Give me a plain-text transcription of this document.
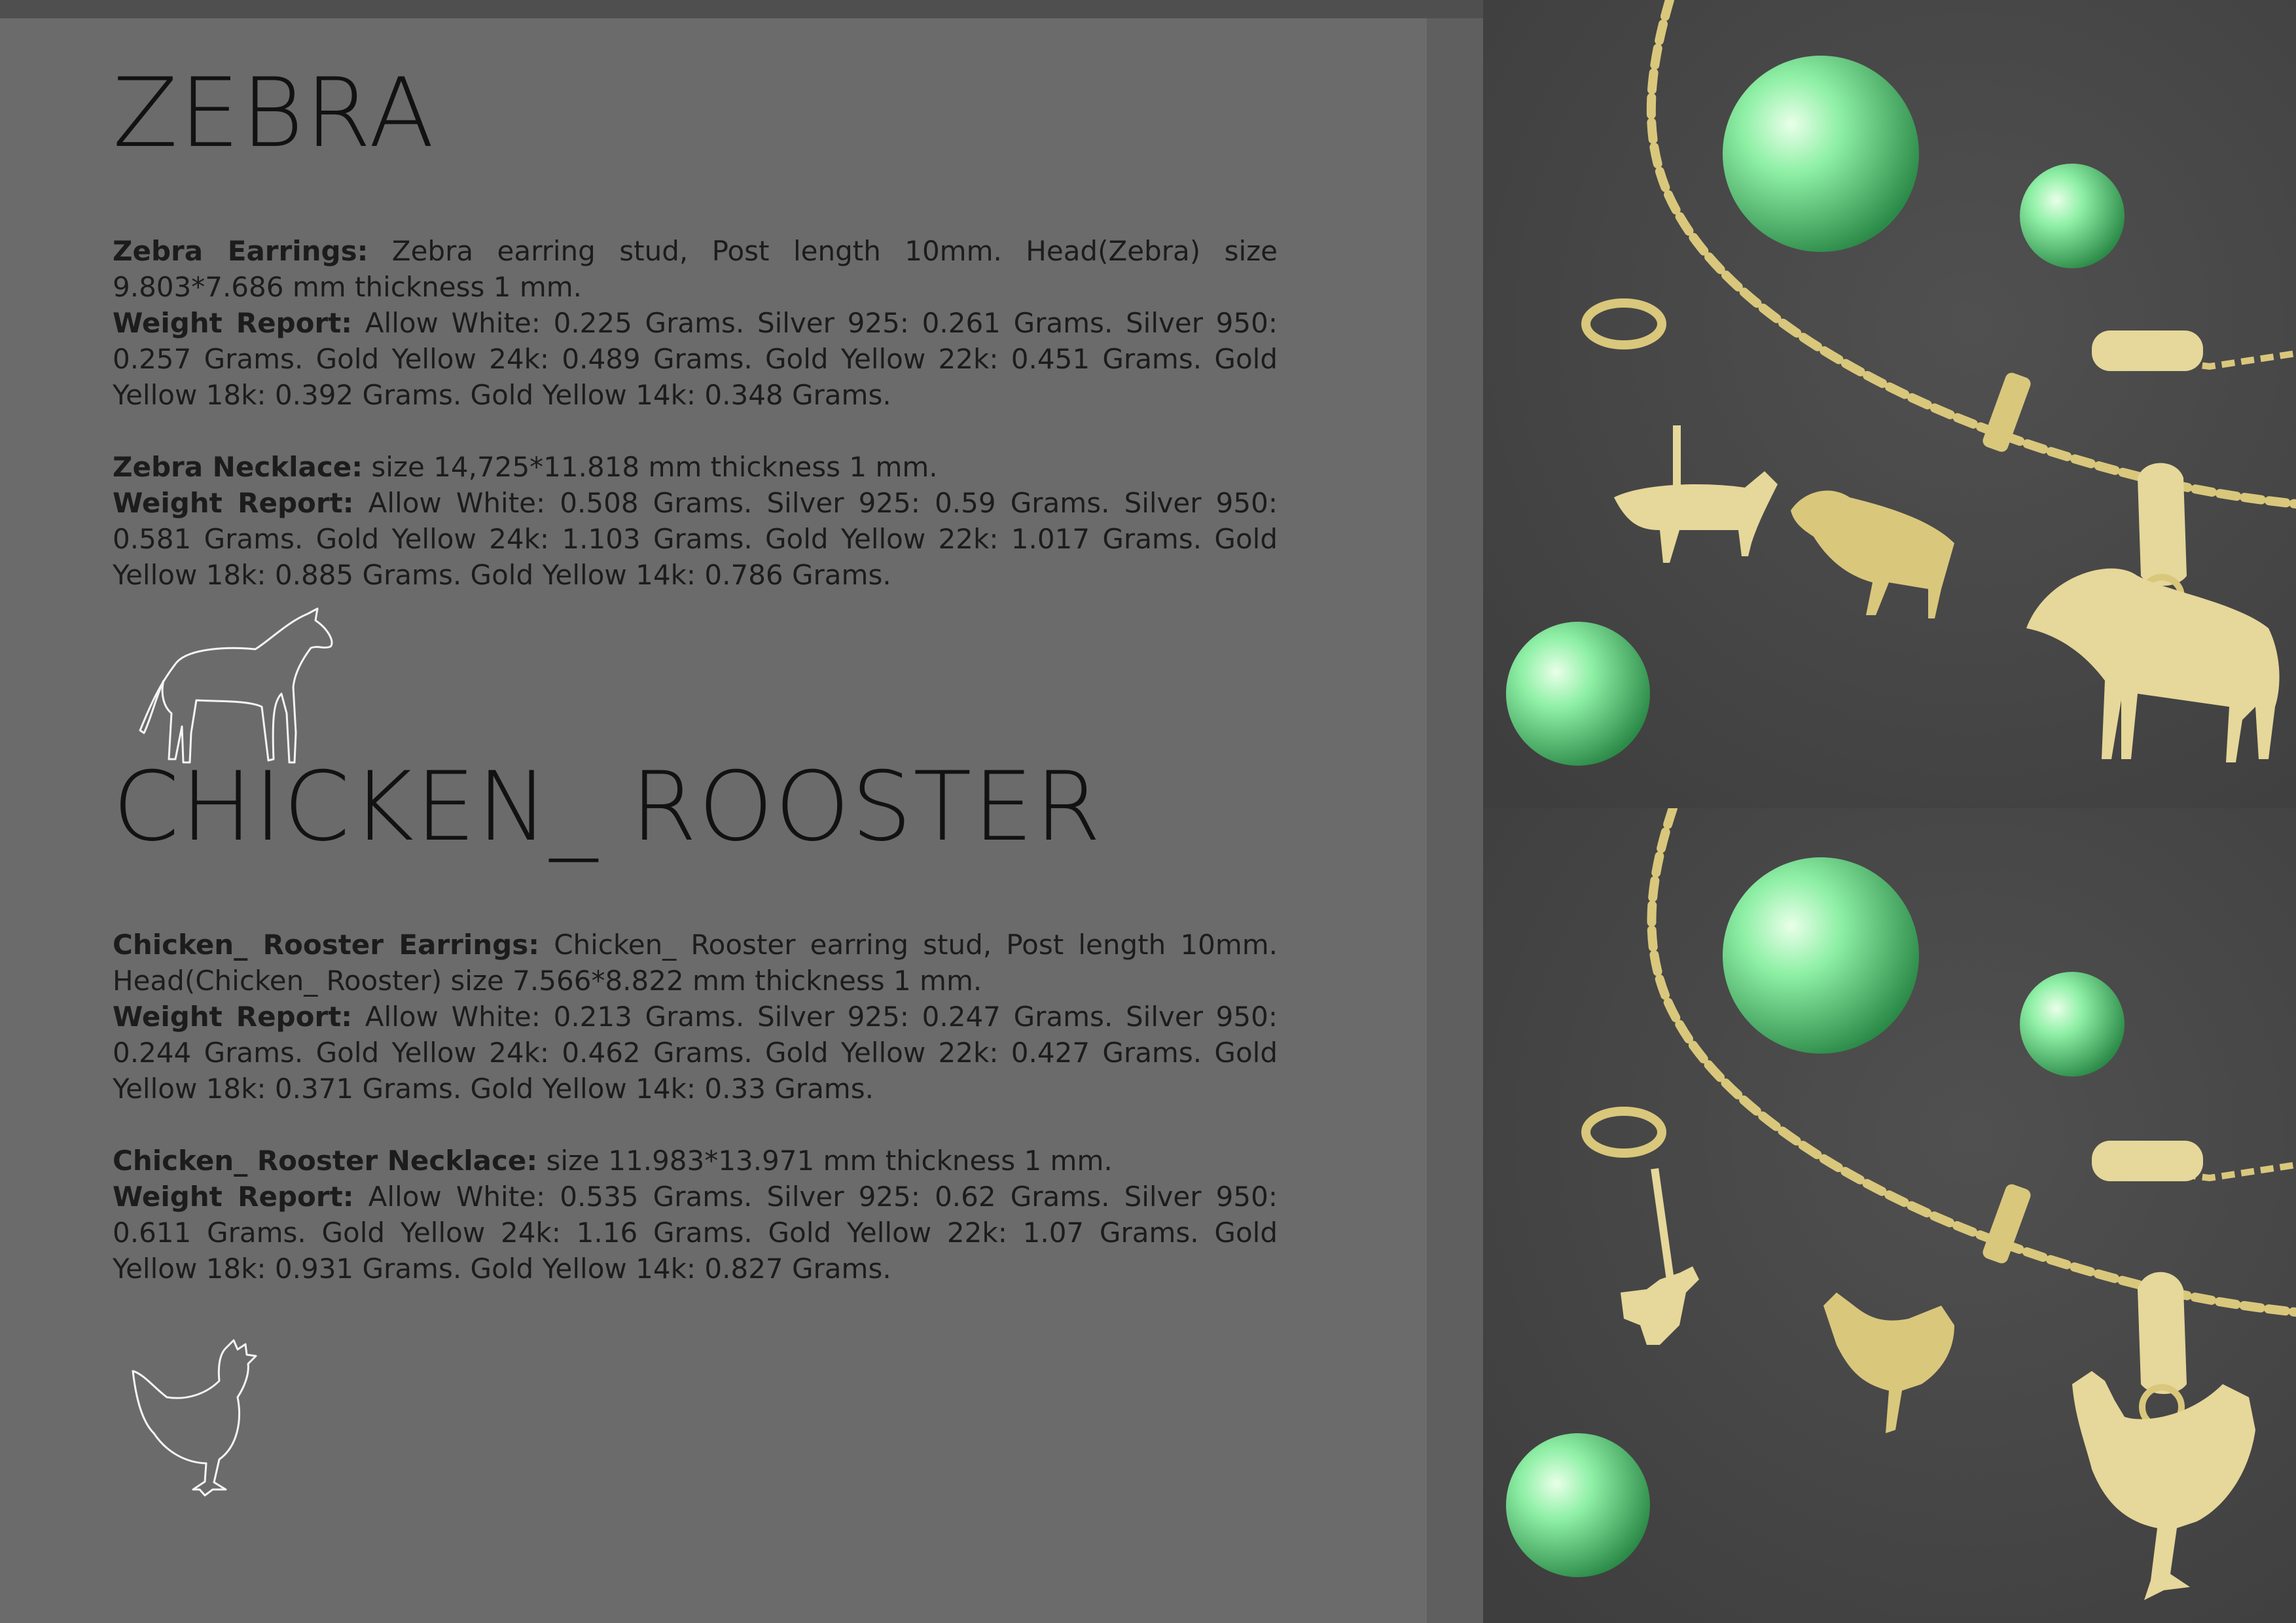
ZEBRA

Zebra Earrings: Zebra earring stud, Post length 10mm. Head(Zebra) size 9.803*7.686 mm thickness 1 mm.
Weight Report: Allow White: 0.225 Grams. Silver 925: 0.261 Grams. Silver 950: 0.257 Grams. Gold Yellow 24k: 0.489 Grams. Gold Yellow 22k: 0.451 Grams. Gold Yellow 18k: 0.392 Grams. Gold Yellow 14k: 0.348 Grams.

Zebra Necklace: size 14,725*11.818 mm thickness 1 mm.
Weight Report: Allow White: 0.508 Grams. Silver 925: 0.59 Grams. Silver 950: 0.581 Grams. Gold Yellow 24k: 1.103 Grams. Gold Yellow 22k: 1.017 Grams. Gold Yellow 18k: 0.885 Grams. Gold Yellow 14k: 0.786 Grams.

CHICKEN_ ROOSTER

Chicken_ Rooster Earrings: Chicken_ Rooster earring stud, Post length 10mm. Head(Chicken_ Rooster) size 7.566*8.822 mm thickness 1 mm.
Weight Report: Allow White: 0.213 Grams. Silver 925: 0.247 Grams. Silver 950: 0.244 Grams. Gold Yellow 24k: 0.462 Grams. Gold Yellow 22k: 0.427 Grams. Gold Yellow 18k: 0.371 Grams. Gold Yellow 14k: 0.33 Grams.

Chicken_ Rooster Necklace: size 11.983*13.971 mm thickness 1 mm.
Weight Report: Allow White: 0.535 Grams. Silver 925: 0.62 Grams. Silver 950: 0.611 Grams. Gold Yellow 24k: 1.16 Grams. Gold Yellow 22k: 1.07 Grams. Gold Yellow 18k: 0.931 Grams. Gold Yellow 14k: 0.827 Grams.
